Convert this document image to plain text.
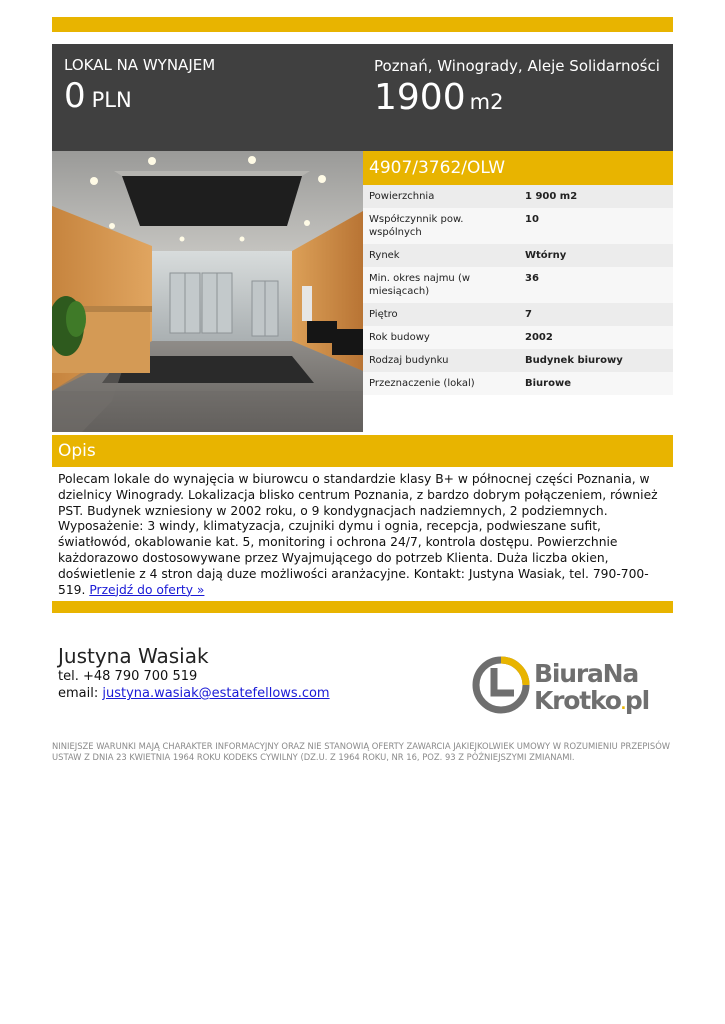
LOKAL NA WYNAJEM
0 PLN
Poznań, Winogrady, Aleje Solidarności
1900 m2
4907/3762/OLW
Powierzchnia	1 900 m2
Współczynnik pow. wspólnych	10
Rynek	Wtórny
Min. okres najmu (w miesiącach)	36
Piętro	7
Rok budowy	2002
Rodzaj budynku	Budynek biurowy
Przeznaczenie (lokal)	Biurowe
Opis
Polecam lokale do wynajęcia w biurowcu o standardzie klasy B+ w północnej części Poznania, w dzielnicy Winogrady. Lokalizacja blisko centrum Poznania, z bardzo dobrym połączeniem, również PST. Budynek wzniesiony w 2002 roku, o 9 kondygnacjach nadziemnych, 2 podziemnych. Wyposażenie: 3 windy, klimatyzacja, czujniki dymu i ognia, recepcja, podwieszane sufit, światłowód, okablowanie kat. 5, monitoring i ochrona 24/7, kontrola dostępu. Powierzchnie każdorazowo dostosowywane przez Wyajmującego do potrzeb Klienta. Duża liczba okien, doświetlenie z 4 stron dają duze możliwości aranżacyjne. Kontakt: Justyna Wasiak, tel. 790-700-519. Przejdź do oferty »
Justyna Wasiak
tel. +48 790 700 519
email: justyna.wasiak@estatefellows.com
BiuraNa
Krotko.pl
NINIEJSZE WARUNKI MAJĄ CHARAKTER INFORMACYJNY ORAZ NIE STANOWIĄ OFERTY ZAWARCIA JAKIEJKOLWIEK UMOWY W ROZUMIENIU PRZEPISÓW USTAW Z DNIA 23 KWIETNIA 1964 ROKU KODEKS CYWILNY (DZ.U. Z 1964 ROKU, NR 16, POZ. 93 Z PÓŹNIEJSZYMI ZMIANAMI.
